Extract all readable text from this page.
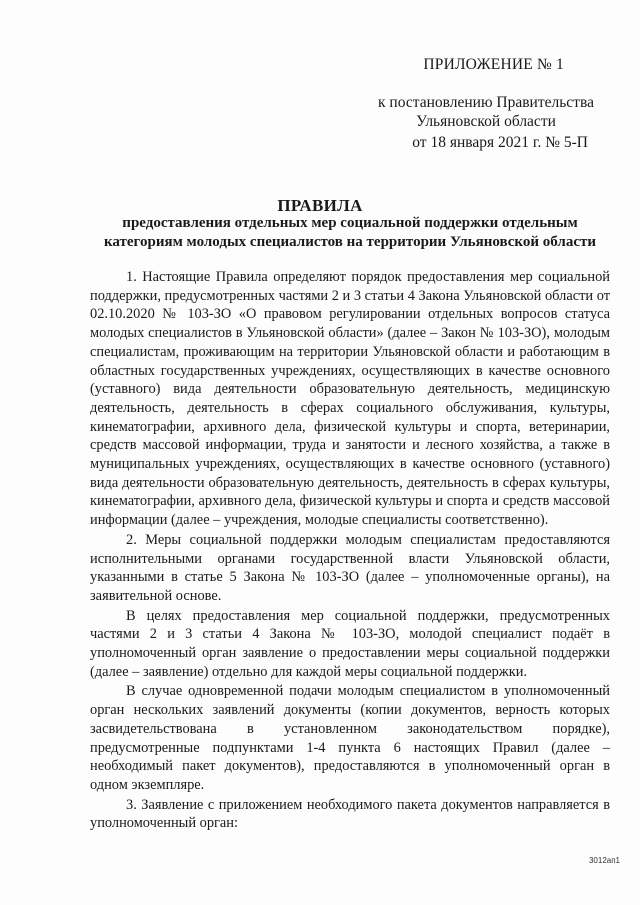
ПРИЛОЖЕНИЕ № 1
к постановлению Правительства
Ульяновской области
от 18 января 2021 г. № 5-П
ПРАВИЛА
предоставления отдельных мер социальной поддержки отдельным категориям молодых специалистов на территории Ульяновской области

1. Настоящие Правила определяют порядок предоставления мер социальной поддержки, предусмотренных частями 2 и 3 статьи 4 Закона Ульяновской области от 02.10.2020 № 103-ЗО «О правовом регулировании отдельных вопросов статуса молодых специалистов в Ульяновской области» (далее – Закон № 103-ЗО), молодым специалистам, проживающим на территории Ульяновской области и работающим в областных государственных учреждениях, осуществляющих в качестве основного (уставного) вида деятельности образовательную деятельность, медицинскую деятельность, деятельность в сферах социального обслуживания, культуры, кинематографии, архивного дела, физической культуры и спорта, ветеринарии, средств массовой информации, труда и занятости и лесного хозяйства, а также в муниципальных учреждениях, осуществляющих в качестве основного (уставного) вида деятельности образовательную деятельность, деятельность в сферах культуры, кинематографии, архивного дела, физической культуры и спорта и средств массовой информации (далее – учреждения, молодые специалисты соответственно).

2. Меры социальной поддержки молодым специалистам предоставляются исполнительными органами государственной власти Ульяновской области, указанными в статье 5 Закона № 103-ЗО (далее – уполномоченные органы), на заявительной основе.

В целях предоставления мер социальной поддержки, предусмотренных частями 2 и 3 статьи 4 Закона № 103-ЗО, молодой специалист подаёт в уполномоченный орган заявление о предоставлении меры социальной поддержки (далее – заявление) отдельно для каждой меры социальной поддержки.

В случае одновременной подачи молодым специалистом в уполномоченный орган нескольких заявлений документы (копии документов, верность которых засвидетельствована в установленном законодательством порядке), предусмотренные подпунктами 1-4 пункта 6 настоящих Правил (далее – необходимый пакет документов), предоставляются в уполномоченный орган в одном экземпляре.

3. Заявление с приложением необходимого пакета документов направляется в уполномоченный орган:

3012ап1
